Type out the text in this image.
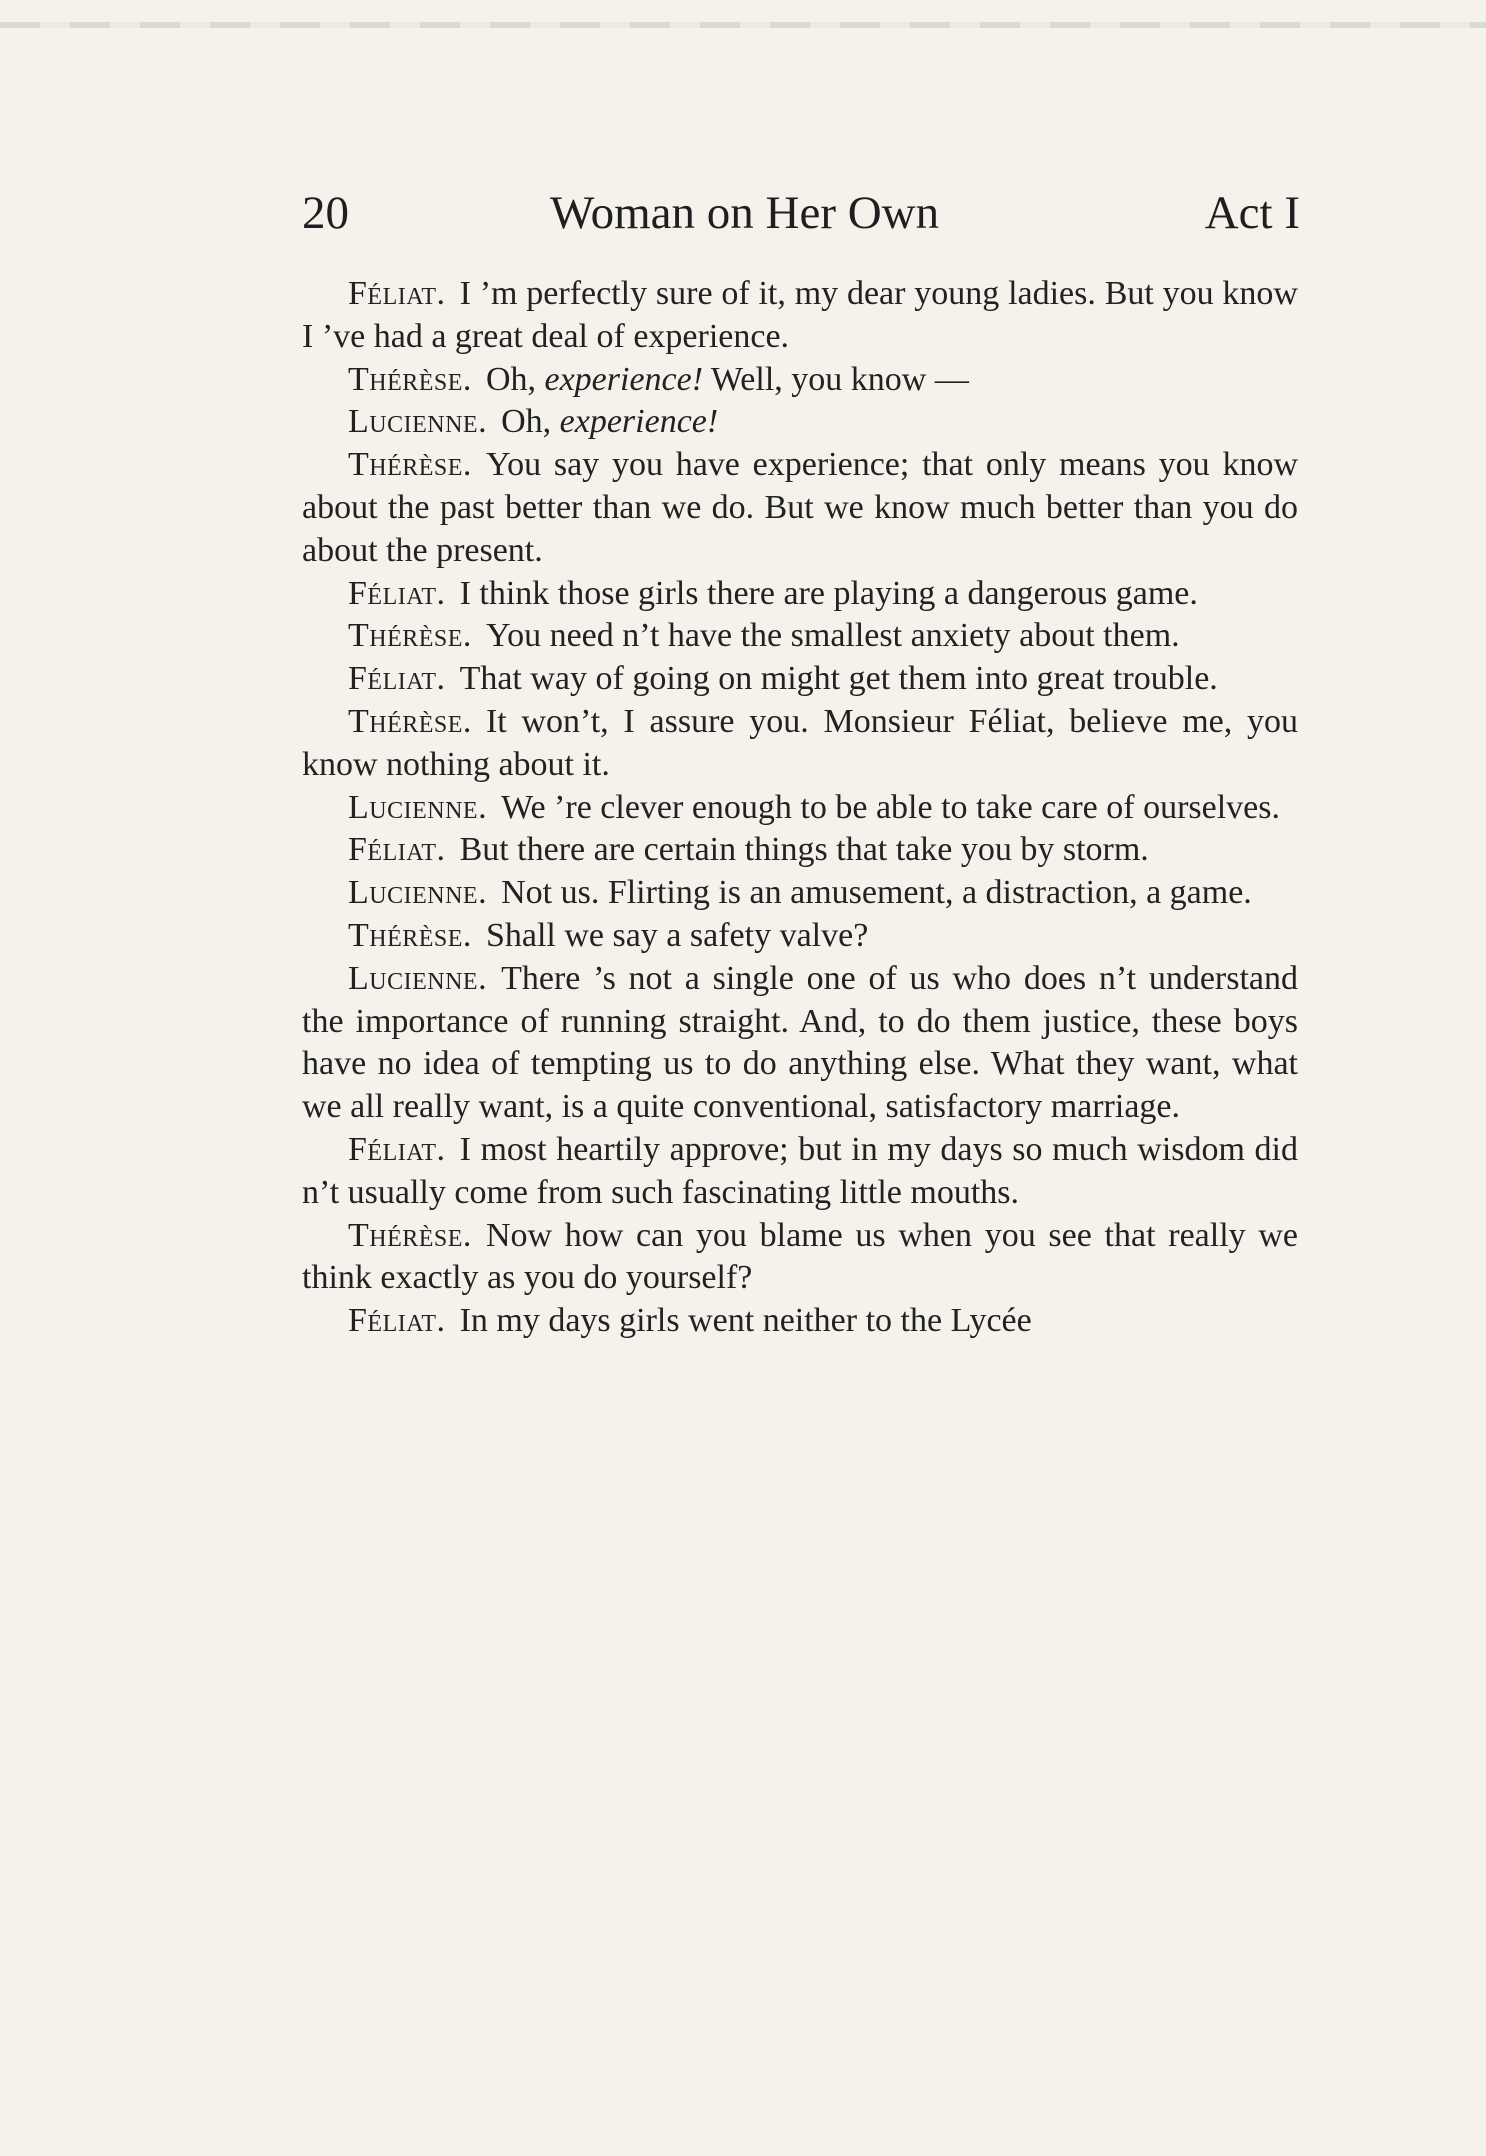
20	Woman on Her Own	Act I

Féliat. I ’m perfectly sure of it, my dear young ladies. But you know I ’ve had a great deal of experience.

Thérèse. Oh, experience! Well, you know —

Lucienne. Oh, experience!

Thérèse. You say you have experience; that only means you know about the past better than we do. But we know much better than you do about the present.

Féliat. I think those girls there are playing a dangerous game.

Thérèse. You need n’t have the smallest anxiety about them.

Féliat. That way of going on might get them into great trouble.

Thérèse. It won’t, I assure you. Monsieur Féliat, believe me, you know nothing about it.

Lucienne. We ’re clever enough to be able to take care of ourselves.

Féliat. But there are certain things that take you by storm.

Lucienne. Not us. Flirting is an amusement, a distraction, a game.

Thérèse. Shall we say a safety valve?

Lucienne. There ’s not a single one of us who does n’t understand the importance of running straight. And, to do them justice, these boys have no idea of tempting us to do anything else. What they want, what we all really want, is a quite conventional, satisfactory marriage.

Féliat. I most heartily approve; but in my days so much wisdom did n’t usually come from such fascinating little mouths.

Thérèse. Now how can you blame us when you see that really we think exactly as you do yourself?

Féliat. In my days girls went neither to the Lycée
